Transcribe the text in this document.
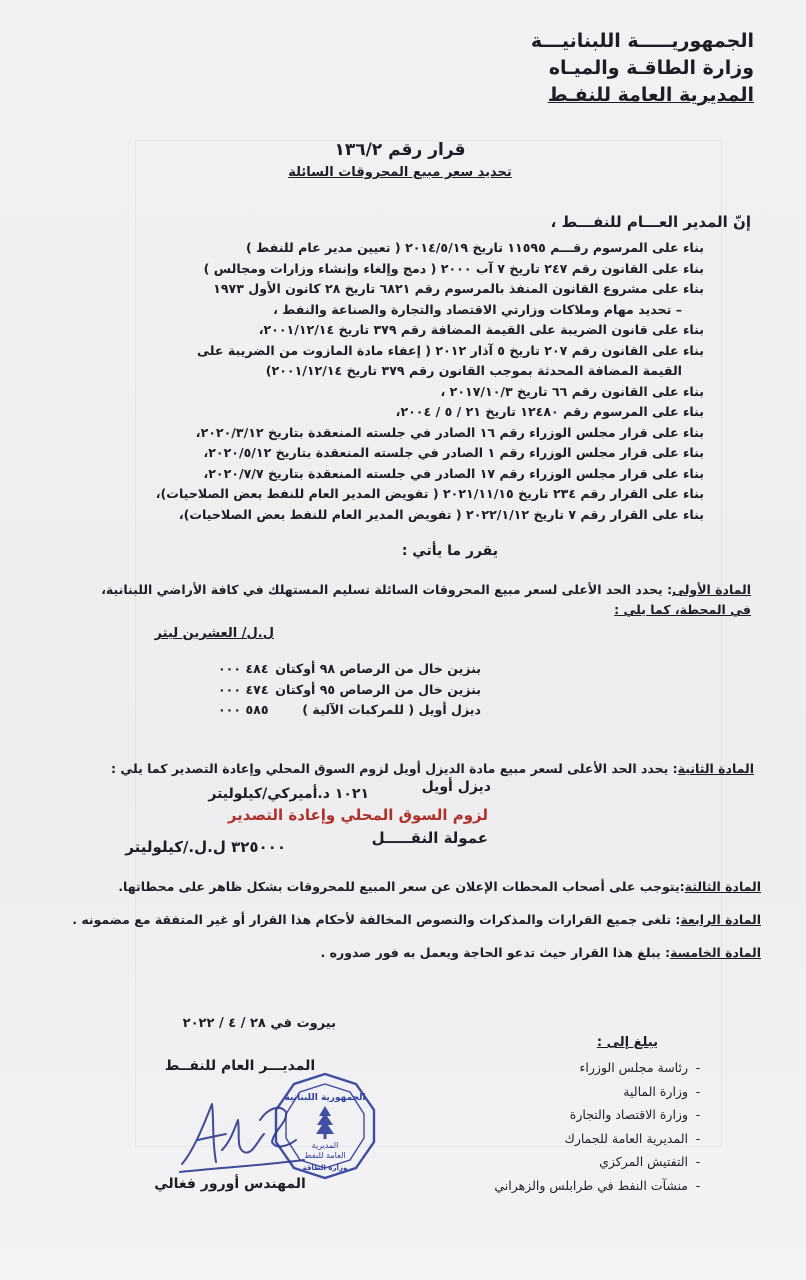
الجمهوريـــــة اللبنانيـــة
وزارة الطاقـة والميـاه
المديرية العامة للنفـط
قرار رقم ١٣٦/٢
تحديد سعر مبيع المحروقات السائلة
إنّ المدير العـــام للنفـــط ،
بناء على المرسوم رقـــم ١١٥٩٥ تاريخ ٢٠١٤/٥/١٩ ( تعيين مدير عام للنفط )
بناء على القانون رقم ٢٤٧ تاريخ ٧ آب ٢٠٠٠ ( دمج وإلغاء وإنشاء وزارات ومجالس )
بناء على مشروع القانون المنفذ بالمرسوم رقم ٦٨٢١ تاريخ ٢٨ كانون الأول ١٩٧٣
– تحديد مهام وملاكات وزارتي الاقتصاد والتجارة والصناعة والنفط ،
بناء على قانون الضريبة على القيمة المضافة رقم ٣٧٩ تاريخ ٢٠٠١/١٢/١٤،
بناء على القانون رقم ٢٠٧ تاريخ ٥ آذار ٢٠١٢ ( إعفاء مادة المازوت من الضريبة على
القيمة المضافة المحدثة بموجب القانون رقم ٣٧٩ تاريخ ٢٠٠١/١٢/١٤)
بناء على القانون رقم ٦٦ تاريخ ٢٠١٧/١٠/٣ ،
بناء على المرسوم رقم ١٢٤٨٠ تاريخ ٢١ / ٥ / ٢٠٠٤،
بناء على قرار مجلس الوزراء رقم ١٦ الصادر في جلسته المنعقدة بتاريخ ٢٠٢٠/٣/١٢،
بناء على قرار مجلس الوزراء رقم ١ الصادر في جلسته المنعقدة بتاريخ ٢٠٢٠/٥/١٢،
بناء على قرار مجلس الوزراء رقم ١٧ الصادر في جلسته المنعقدة بتاريخ ٢٠٢٠/٧/٧،
بناء على القرار رقم ٢٣٤ تاريخ ٢٠٢١/١١/١٥ ( تفويض المدير العام للنفط بعض الصلاحيات)،
بناء على القرار رقم ٧ تاريخ ٢٠٢٢/١/١٢ ( تفويض المدير العام للنفط بعض الصلاحيات)،
يقرر ما يأتي :
المادة الأولى: يحدد الحد الأعلى لسعر مبيع المحروقات السائلة تسليم المستهلك في كافة الأراضي اللبنانية،
في المحطة، كما يلي :
ل.ل/ العشرين ليتر
بنزين خال من الرصاص ٩٨ أوكتان
بنزين خال من الرصاص ٩٥ أوكتان
ديزل أويل ( للمركبات الآلية )
٤٨٤ ٠٠٠
٤٧٤ ٠٠٠
٥٨٥ ٠٠٠
المادة الثانية: يحدد الحد الأعلى لسعر مبيع مادة الديزل أويل لزوم السوق المحلي وإعادة التصدير كما يلي :
ديزل أويل
١٠٢١ د.أميركي/كيلوليتر
لزوم السوق المحلي وإعادة التصدير
عمولة النقـــــل
٣٢٥٠٠٠ ل.ل./كيلوليتر
المادة الثالثة:يتوجب على أصحاب المحطات الإعلان عن سعر المبيع للمحروقات بشكل ظاهر على محطاتها.
المادة الرابعة: تلغى جميع القرارات والمذكرات والنصوص المخالفة لأحكام هذا القرار أو غير المتفقة مع مضمونه .
المادة الخامسة: يبلغ هذا القرار حيث تدعو الحاجة ويعمل به فور صدوره .
بيروت في ٢٨ / ٤ / ٢٠٢٢
يبلغ إلى :
-رئاسة مجلس الوزراء
-وزارة المالية
-وزارة الاقتصاد والتجارة
-المديرية العامة للجمارك
-التفتيش المركزي
-منشآت النفط في طرابلس والزهراني
المديـــر العام للنفــط
الجمهورية اللبنانية
المديرية
العامة للنفط
وزارة الطاقة
المهندس أورور فغالي
